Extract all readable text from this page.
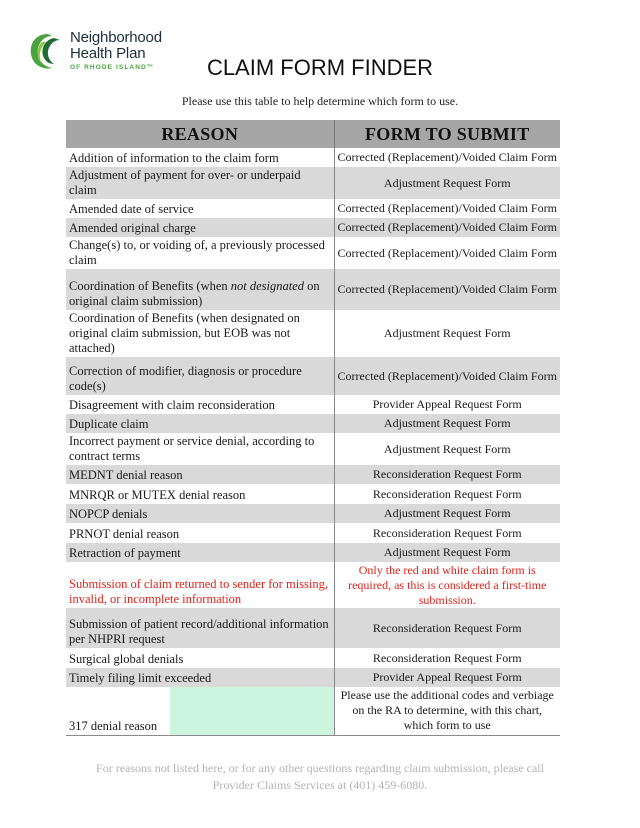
Neighborhood
Health Plan
OF RHODE ISLAND™	CLAIM FORM FINDER
Please use this table to help determine which form to use.
REASON	FORM TO SUBMIT
Addition of information to the claim form	Corrected (Replacement)/Voided Claim Form
Adjustment of payment for over- or underpaid claim	Adjustment Request Form
Amended date of service	Corrected (Replacement)/Voided Claim Form
Amended original charge	Corrected (Replacement)/Voided Claim Form
Change(s) to, or voiding of, a previously processed claim	Corrected (Replacement)/Voided Claim Form
Coordination of Benefits (when not designated on original claim submission)	Corrected (Replacement)/Voided Claim Form
Coordination of Benefits (when designated on original claim submission, but EOB was not attached)	Adjustment Request Form
Correction of modifier, diagnosis or procedure code(s)	Corrected (Replacement)/Voided Claim Form
Disagreement with claim reconsideration	Provider Appeal Request Form
Duplicate claim	Adjustment Request Form
Incorrect payment or service denial, according to contract terms	Adjustment Request Form
MEDNT denial reason	Reconsideration Request Form
MNRQR or MUTEX denial reason	Reconsideration Request Form
NOPCP denials	Adjustment Request Form
PRNOT denial reason	Reconsideration Request Form
Retraction of payment	Adjustment Request Form
Submission of claim returned to sender for missing, invalid, or incomplete information	Only the red and white claim form is required, as this is considered a first-time submission.
Submission of patient record/additional information per NHPRI request	Reconsideration Request Form
Surgical global denials	Reconsideration Request Form
Timely filing limit exceeded	Provider Appeal Request Form

317 denial reason	Please use the additional codes and verbiage on the RA to determine, with this chart, which form to use
For reasons not listed here, or for any other questions regarding claim submission, please call
Provider Claims Services at (401) 459-6080.
